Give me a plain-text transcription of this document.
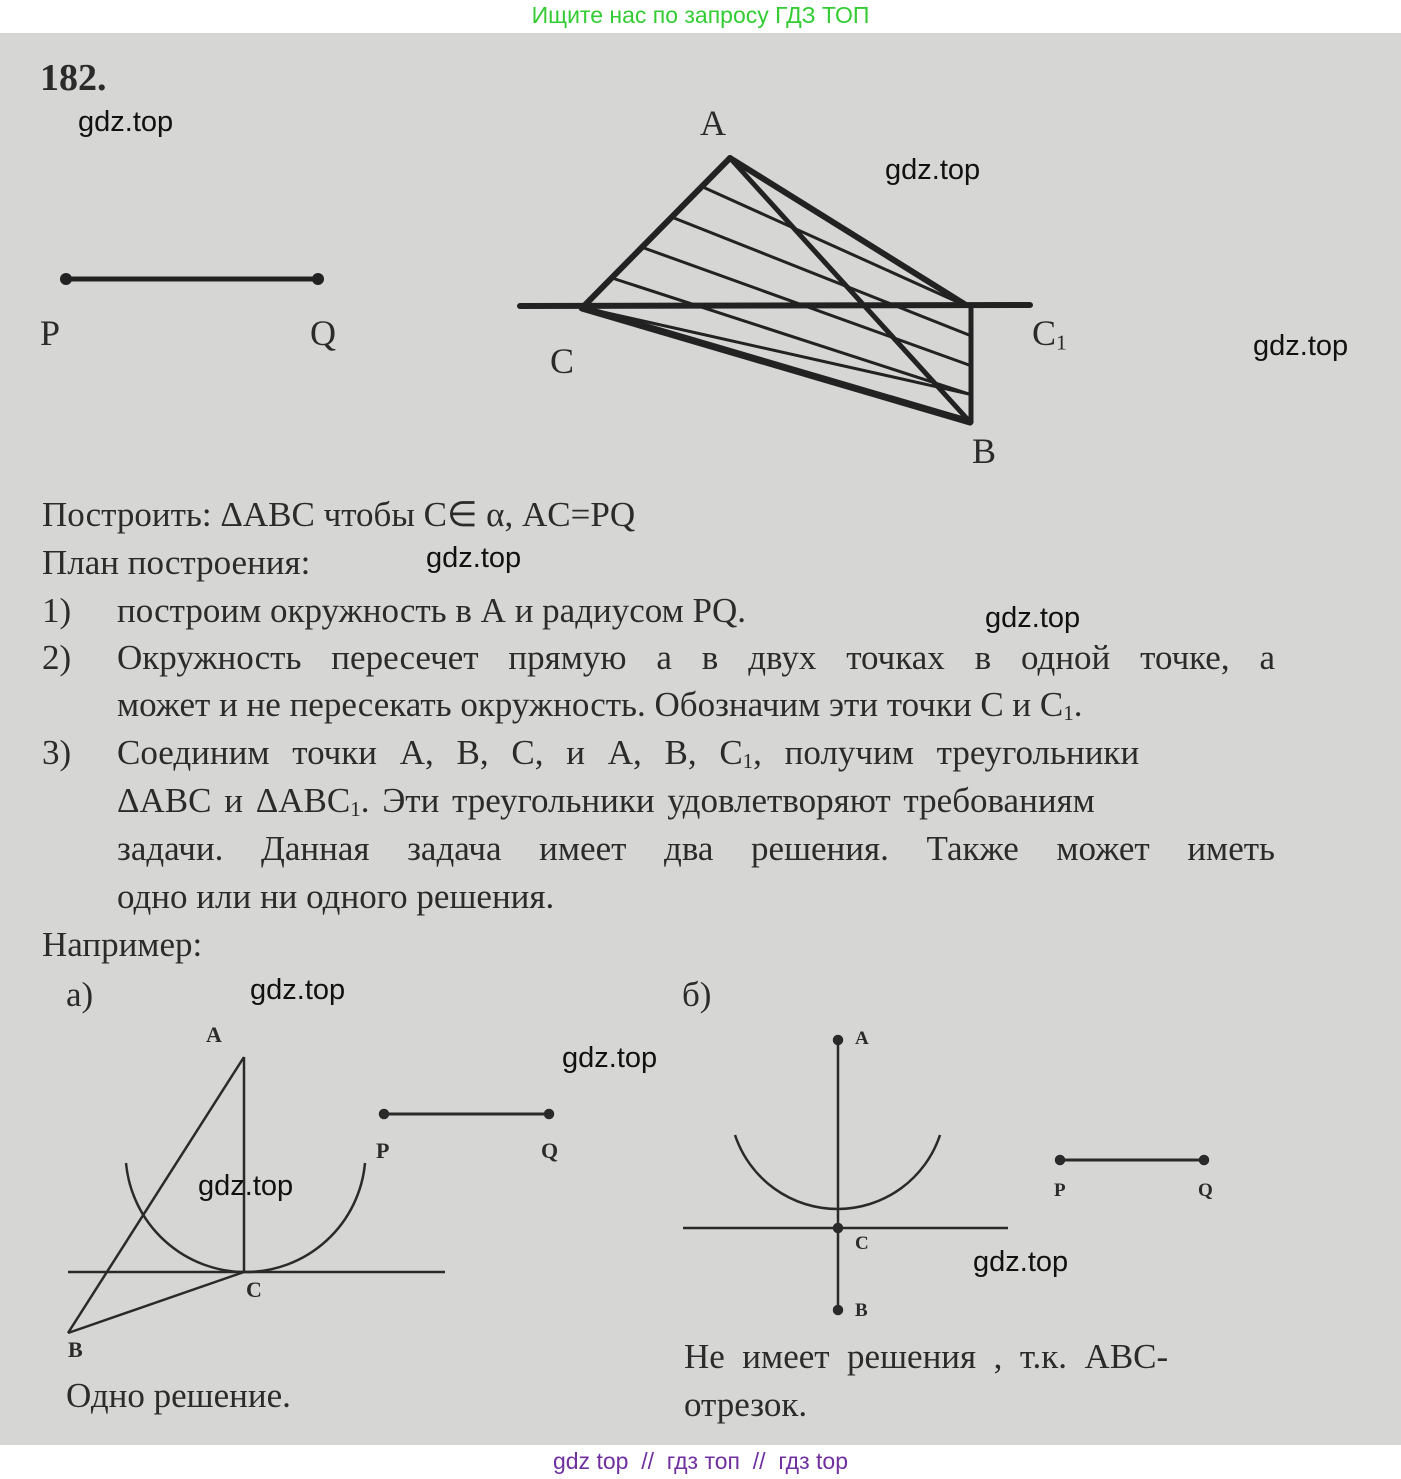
Ищите нас по запросу ГДЗ ТОП
182.
P	Q
A
C
$C_1$
B
Построить: ΔABC чтобы C∈ α, AC=PQ
План построения:
1) построим окружность в А и радиусом PQ.
2) Окружность пересечет прямую a в двух точках в одной точке, a
может и не пересекать окружность. Обозначим эти точки С и $С_1$.
3) Соединим точки А, В, С, и А, В, $С_1$, получим треугольники
ΔАВС и $\Delta АВС_1$. Эти треугольники удовлетворяют требованиям
задачи. Данная задача имеет два решения. Также может иметь
одно или ни одного решения.
Например:
а)
A
C
B
P	Q
Одно решение.
б)
A
C
B
P	Q
Не  имеет  решения  ,  т.к.  ABC-
отрезок.
gdz.top
gdz.top
gdz.top
gdz.top
gdz.top
gdz.top
gdz.top
gdz.top
gdz.top
gdz top  //  гдз топ  //  гдз top
